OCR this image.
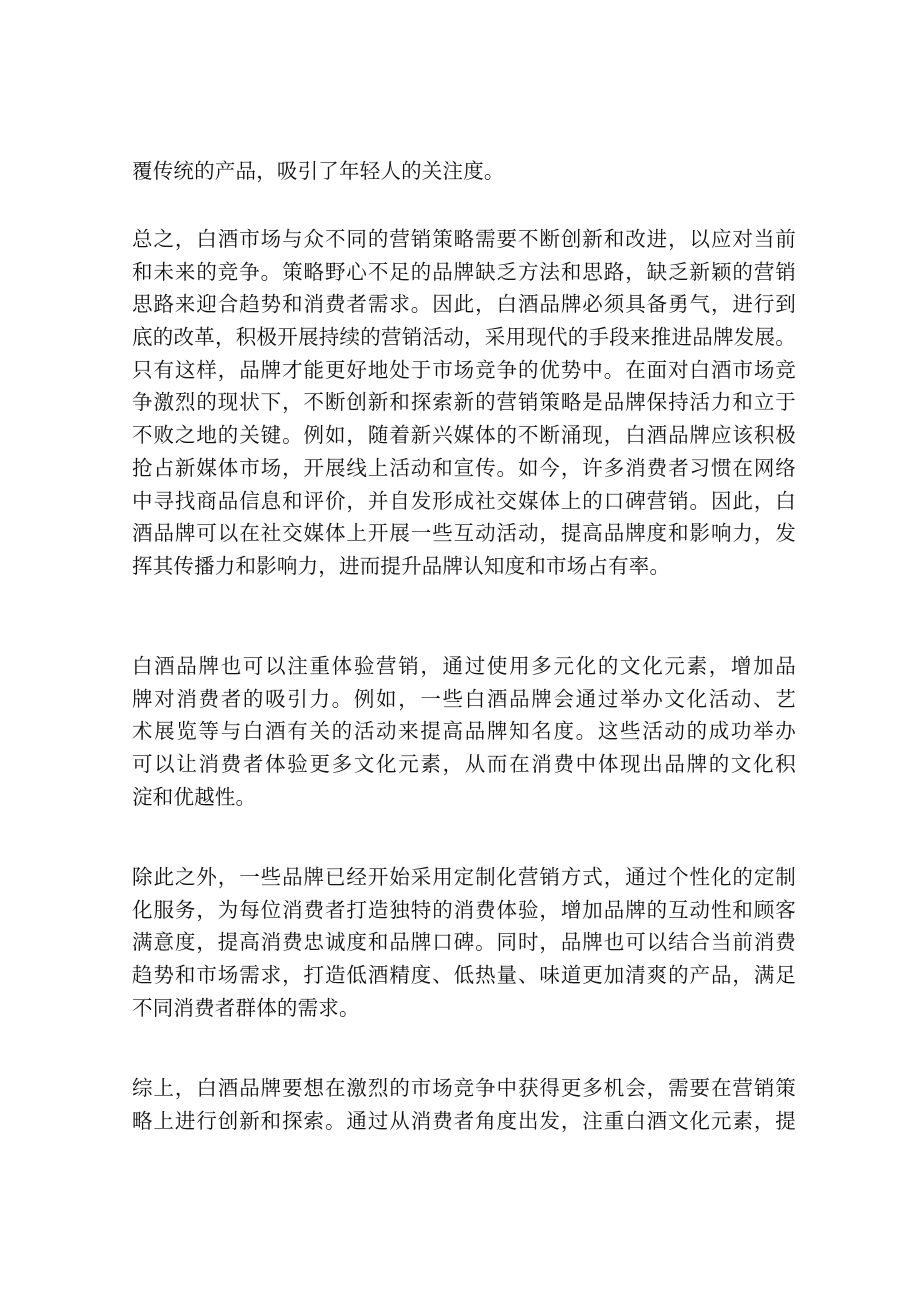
覆传统的产品，吸引了年轻人的关注度。
总之，白酒市场与众不同的营销策略需要不断创新和改进，以应对当前
和未来的竞争。策略野心不足的品牌缺乏方法和思路，缺乏新颖的营销
思路来迎合趋势和消费者需求。因此，白酒品牌必须具备勇气，进行到
底的改革，积极开展持续的营销活动，采用现代的手段来推进品牌发展。
只有这样，品牌才能更好地处于市场竞争的优势中。在面对白酒市场竞
争激烈的现状下，不断创新和探索新的营销策略是品牌保持活力和立于
不败之地的关键。例如，随着新兴媒体的不断涌现，白酒品牌应该积极
抢占新媒体市场，开展线上活动和宣传。如今，许多消费者习惯在网络
中寻找商品信息和评价，并自发形成社交媒体上的口碑营销。因此，白
酒品牌可以在社交媒体上开展一些互动活动，提高品牌度和影响力，发
挥其传播力和影响力，进而提升品牌认知度和市场占有率。
白酒品牌也可以注重体验营销，通过使用多元化的文化元素，增加品
牌对消费者的吸引力。例如，一些白酒品牌会通过举办文化活动、艺
术展览等与白酒有关的活动来提高品牌知名度。这些活动的成功举办
可以让消费者体验更多文化元素，从而在消费中体现出品牌的文化积
淀和优越性。
除此之外，一些品牌已经开始采用定制化营销方式，通过个性化的定制
化服务，为每位消费者打造独特的消费体验，增加品牌的互动性和顾客
满意度，提高消费忠诚度和品牌口碑。同时，品牌也可以结合当前消费
趋势和市场需求，打造低酒精度、低热量、味道更加清爽的产品，满足
不同消费者群体的需求。
综上，白酒品牌要想在激烈的市场竞争中获得更多机会，需要在营销策
略上进行创新和探索。通过从消费者角度出发，注重白酒文化元素，提
